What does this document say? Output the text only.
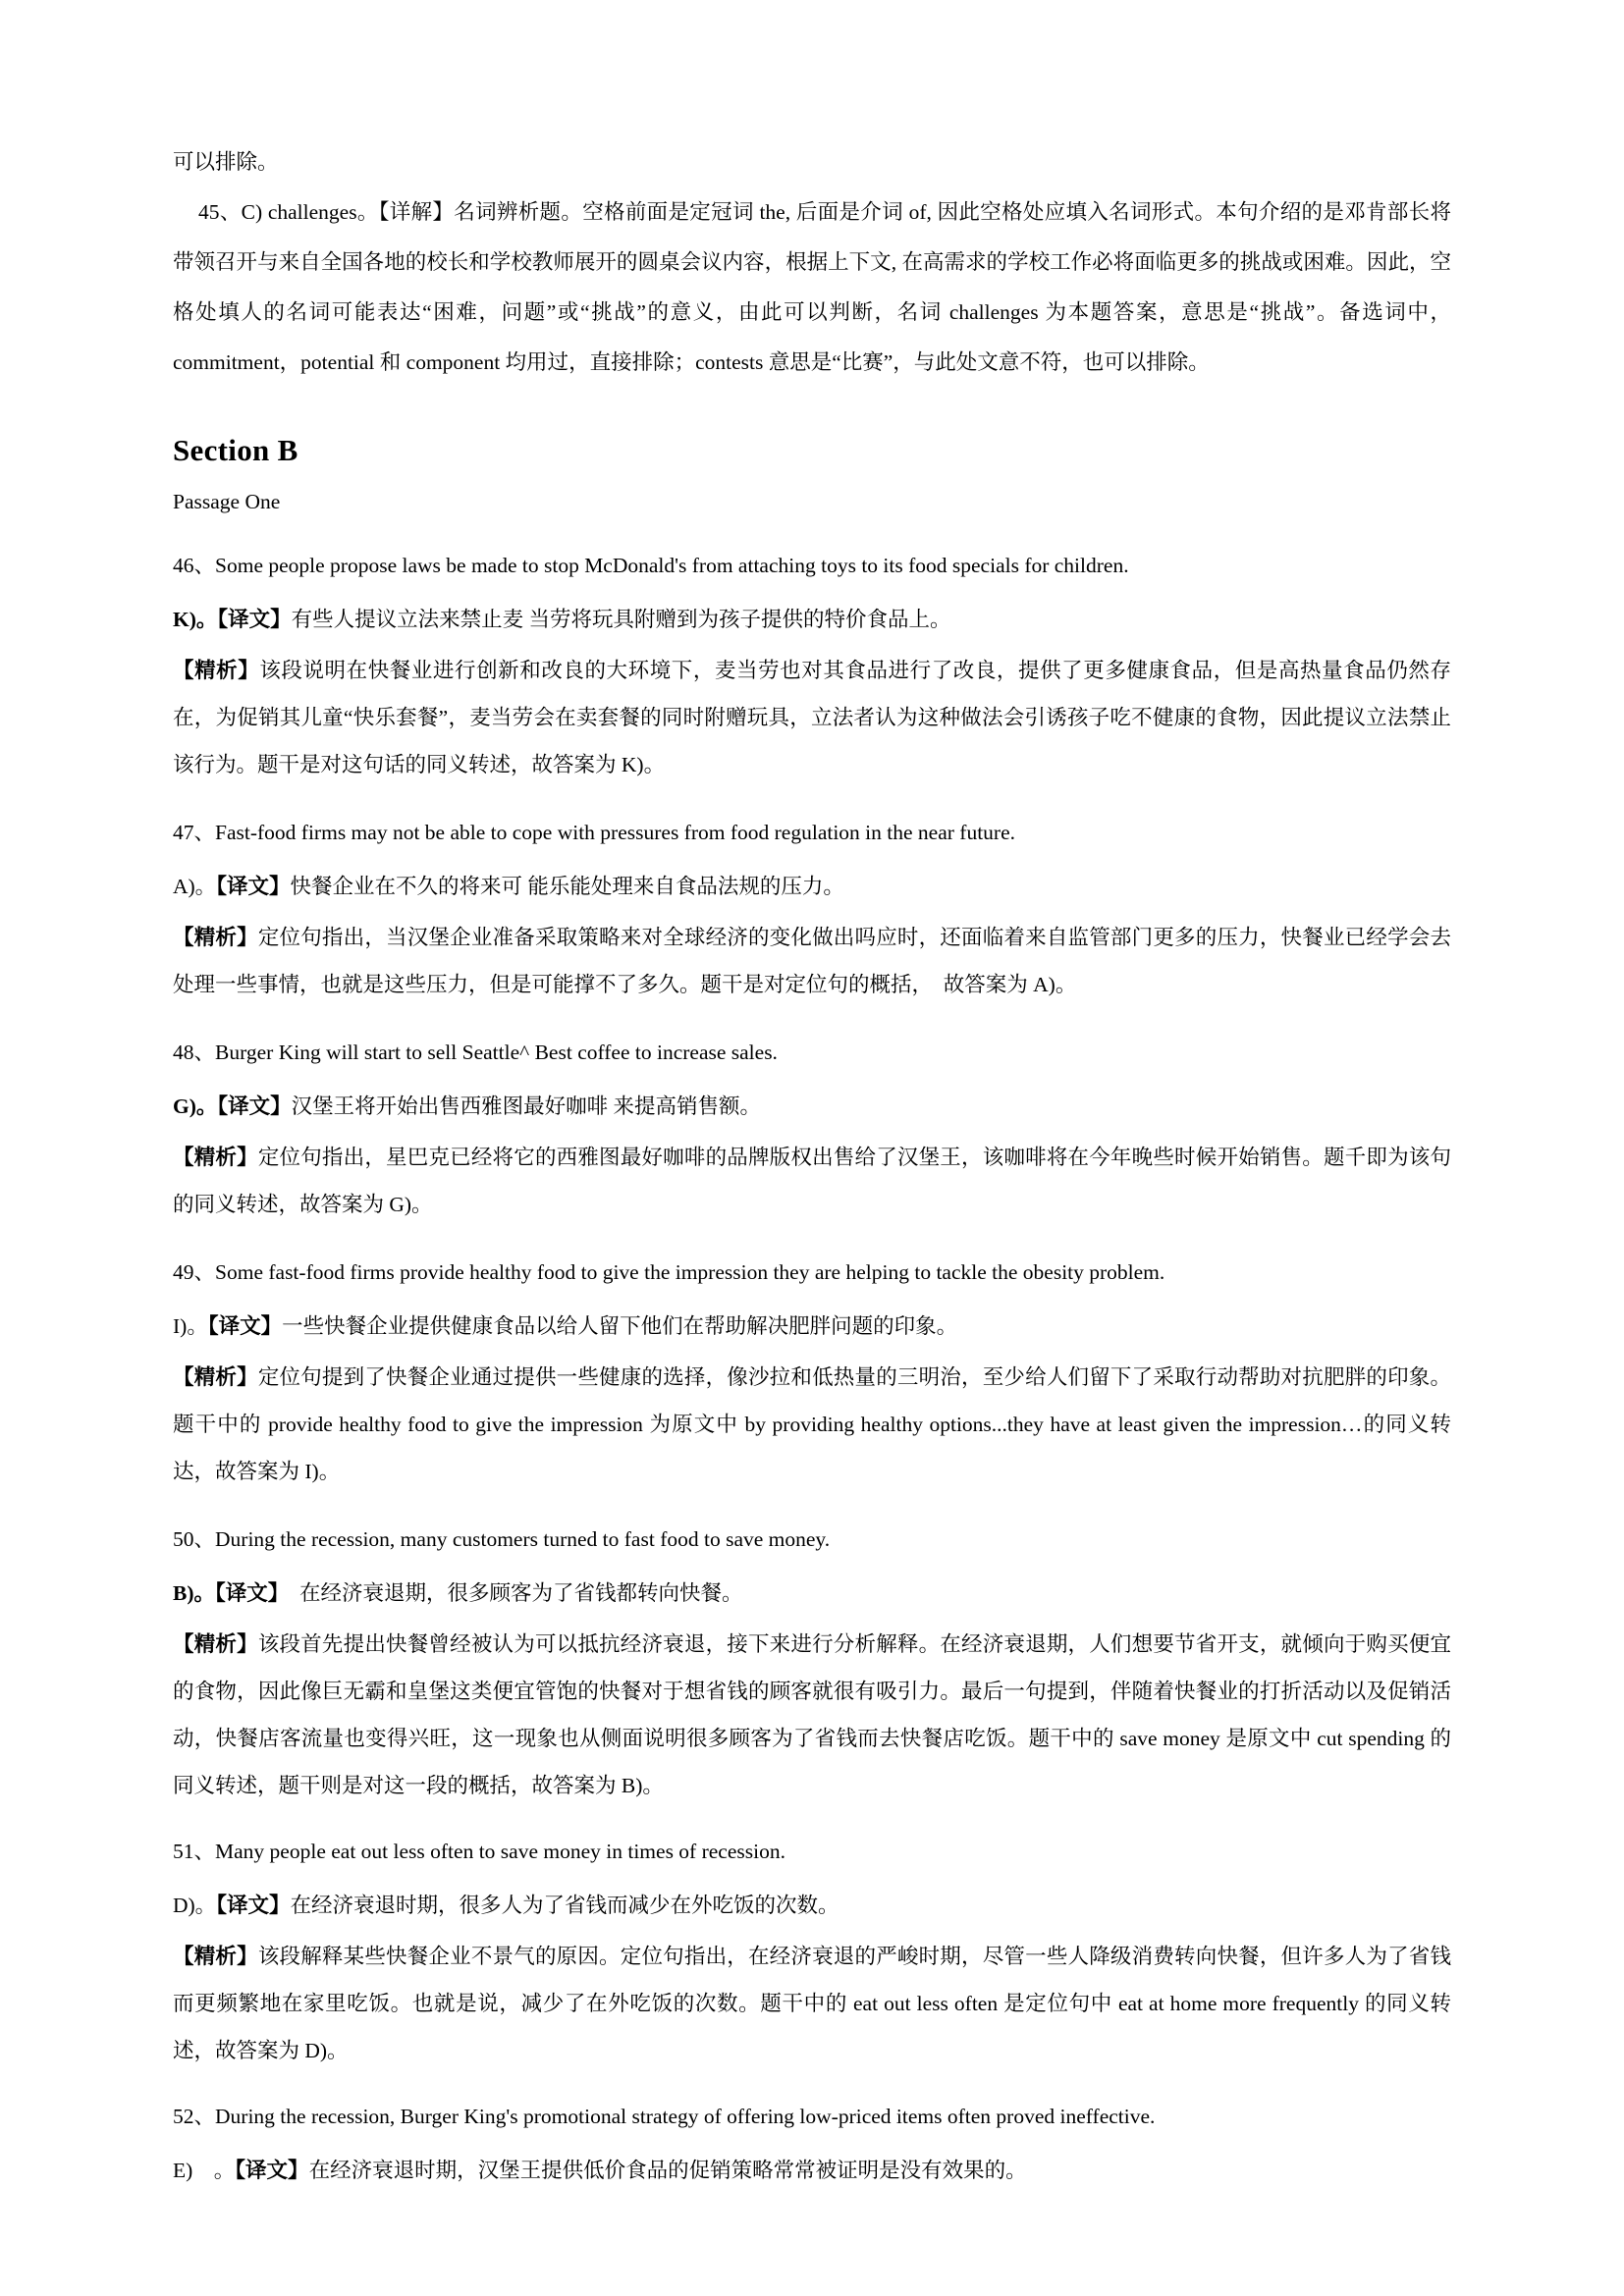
可以排除。

45、C) challenges。【详解】名词辨析题。空格前面是定冠词 the, 后面是介词 of, 因此空格处应填入名词形式。本句介绍的是邓肯部长将带领召开与来自全国各地的校长和学校教师展开的圆桌会议内容，根据上下文, 在高需求的学校工作必将面临更多的挑战或困难。因此，空格处填人的名词可能表达“困难，问题”或“挑战”的意义，由此可以判断，名词 challenges 为本题答案，意思是“挑战”。备选词中，commitment，potential 和 component 均用过，直接排除；contests 意思是“比赛”，与此处文意不符，也可以排除。

Section B

Passage One

46、Some people propose laws be made to stop McDonald's from attaching toys to its food specials for children.

K)。【译文】有些人提议立法来禁止麦 当劳将玩具附赠到为孩子提供的特价食品上。

【精析】该段说明在快餐业进行创新和改良的大环境下，麦当劳也对其食品进行了改良，提供了更多健康食品，但是高热量食品仍然存在，为促销其儿童“快乐套餐”，麦当劳会在卖套餐的同时附赠玩具，立法者认为这种做法会引诱孩子吃不健康的食物，因此提议立法禁止该行为。题干是对这句话的同义转述，故答案为 K)。

47、Fast-food firms may not be able to cope with pressures from food regulation in the near future.

A)。【译文】快餐企业在不久的将来可 能乐能处理来自食品法规的压力。

【精析】定位句指出，当汉堡企业准备采取策略来对全球经济的变化做出吗应时，还面临着来自监管部门更多的压力，快餐业已经学会去处理一些事情，也就是这些压力，但是可能撑不了多久。题干是对定位句的概括，　故答案为 A)。

48、Burger King will start to sell Seattle^ Best coffee to increase sales.

G)。【译文】汉堡王将开始出售西雅图最好咖啡 来提高销售额。

【精析】定位句指出，星巴克已经将它的西雅图最好咖啡的品牌版权出售给了汉堡王，该咖啡将在今年晚些时候开始销售。题千即为该句的同义转述，故答案为 G)。

49、Some fast-food firms provide healthy food to give the impression they are helping to tackle the obesity problem.

I)。【译文】一些快餐企业提供健康食品以给人留下他们在帮助解决肥胖问题的印象。

【精析】定位句提到了快餐企业通过提供一些健康的选择，像沙拉和低热量的三明治，至少给人们留下了采取行动帮助对抗肥胖的印象。题干中的 provide healthy food to give the impression 为原文中 by providing healthy options...they have at least given the impression…的同义转达，故答案为 I)。

50、During the recession, many customers turned to fast food to save money.

B)。【译文】　在经济衰退期，很多顾客为了省钱都转向快餐。

【精析】该段首先提出快餐曾经被认为可以抵抗经济衰退，接下来进行分析解释。在经济衰退期，人们想要节省开支，就倾向于购买便宜的食物，因此像巨无霸和皇堡这类便宜管饱的快餐对于想省钱的顾客就很有吸引力。最后一句提到，伴随着快餐业的打折活动以及促销活动，快餐店客流量也变得兴旺，这一现象也从侧面说明很多顾客为了省钱而去快餐店吃饭。题干中的 save money 是原文中 cut spending 的同义转述，题干则是对这一段的概括，故答案为 B)。

51、Many people eat out less often to save money in times of recession.

D)。【译文】在经济衰退时期，很多人为了省钱而减少在外吃饭的次数。

【精析】该段解释某些快餐企业不景气的原因。定位句指出，在经济衰退的严峻时期，尽管一些人降级消费转向快餐，但许多人为了省钱而更频繁地在家里吃饭。也就是说，减少了在外吃饭的次数。题干中的 eat out less often 是定位句中 eat at home more frequently 的同义转述，故答案为 D)。

52、During the recession, Burger King's promotional strategy of offering low-priced items often proved ineffective.

E)　。【译文】在经济衰退时期，汉堡王提供低价食品的促销策略常常被证明是没有效果的。
